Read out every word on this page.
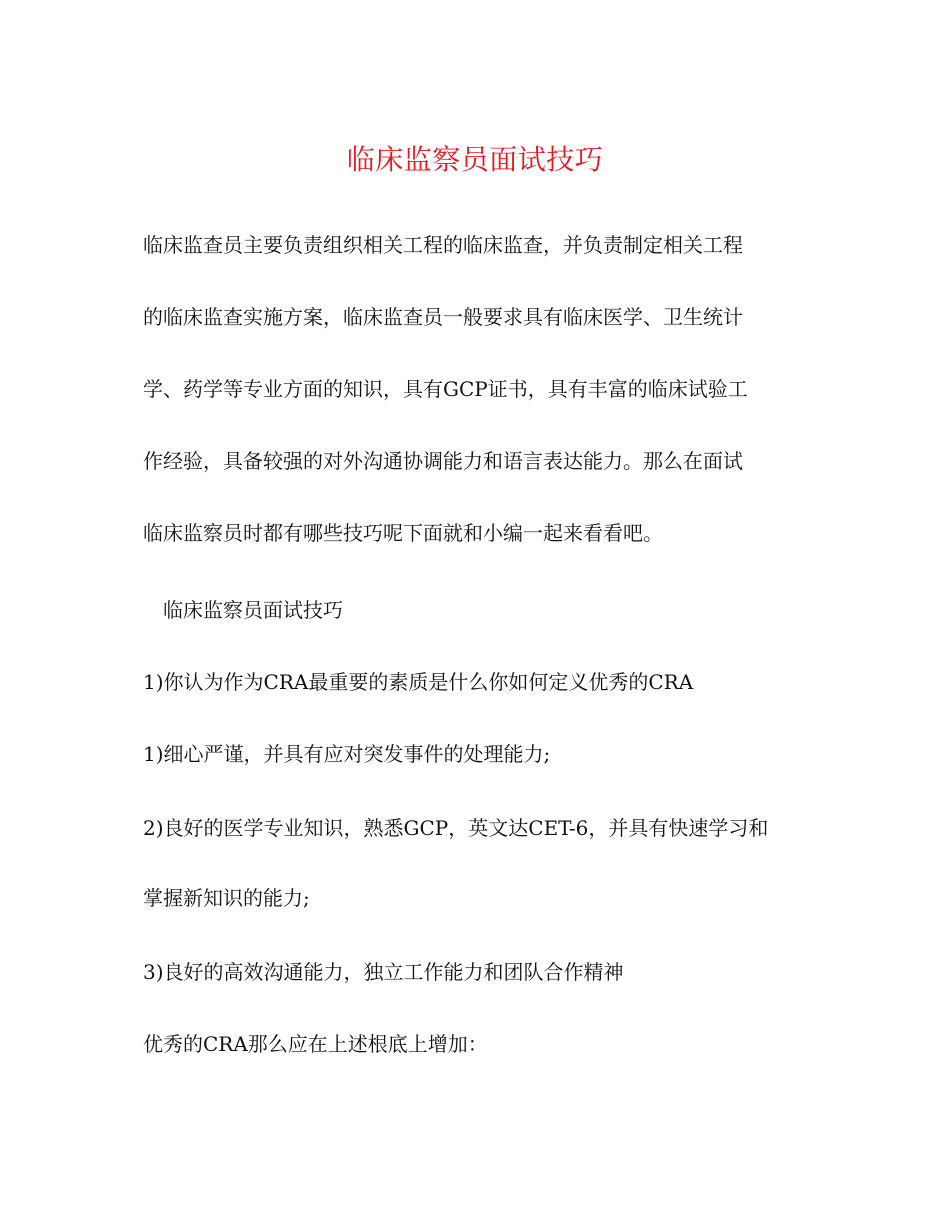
临床监察员面试技巧
临床监查员主要负责组织相关工程的临床监查，并负责制定相关工程
的临床监查实施方案，临床监查员一般要求具有临床医学、卫生统计
学、药学等专业方面的知识，具有GCP证书，具有丰富的临床试验工
作经验，具备较强的对外沟通协调能力和语言表达能力。那么在面试
临床监察员时都有哪些技巧呢下面就和小编一起来看看吧。
临床监察员面试技巧
1)你认为作为CRA最重要的素质是什么你如何定义优秀的CRA
1)细心严谨，并具有应对突发事件的处理能力;
2)良好的医学专业知识，熟悉GCP，英文达CET-6，并具有快速学习和
掌握新知识的能力;
3)良好的高效沟通能力，独立工作能力和团队合作精神
优秀的CRA那么应在上述根底上增加：
